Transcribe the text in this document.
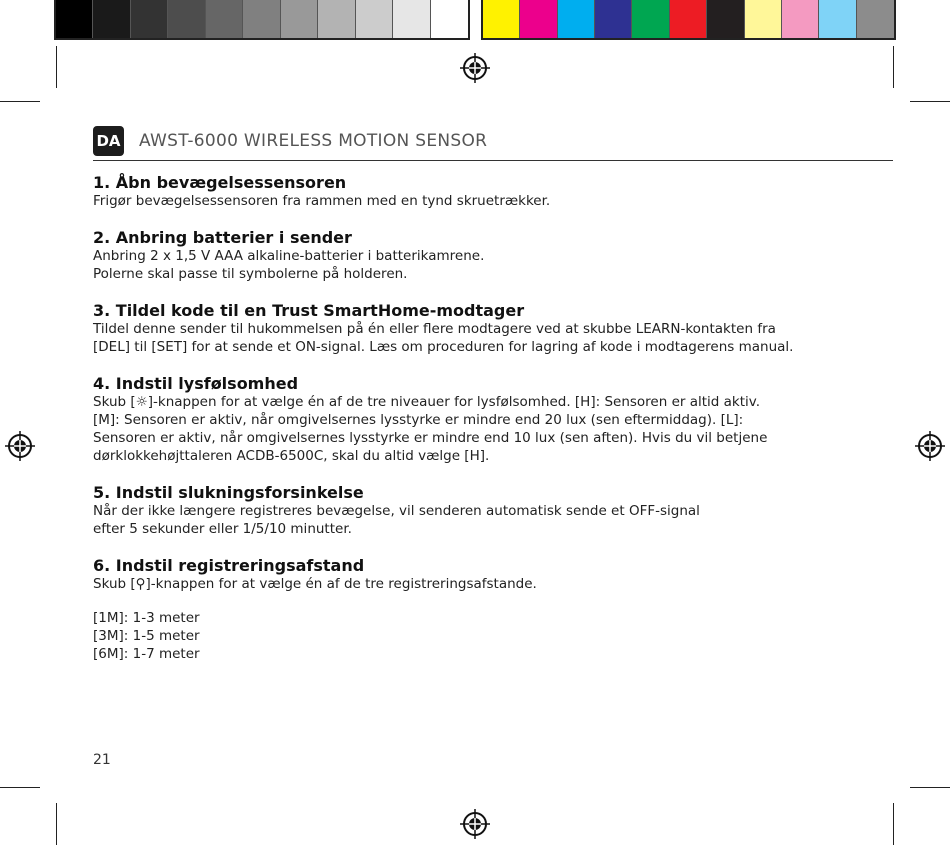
DA AWST-6000 WIRELESS MOTION SENSOR
1. Åbn bevægelsessensoren

Frigør bevægelsessensoren fra rammen med en tynd skruetrækker.

2. Anbring batterier i sender

Anbring 2 x 1,5 V AAA alkaline-batterier i batterikamrene.

Polerne skal passe til symbolerne på holderen.

3. Tildel kode til en Trust SmartHome-modtager

Tildel denne sender til hukommelsen på én eller flere modtagere ved at skubbe LEARN-kontakten fra

[DEL] til [SET] for at sende et ON-signal. Læs om proceduren for lagring af kode i modtagerens manual.

4. Indstil lysfølsomhed

Skub [☼]-knappen for at vælge én af de tre niveauer for lysfølsomhed. [H]: Sensoren er altid aktiv.

[M]: Sensoren er aktiv, når omgivelsernes lysstyrke er mindre end 20 lux (sen eftermiddag). [L]:

Sensoren er aktiv, når omgivelsernes lysstyrke er mindre end 10 lux (sen aften). Hvis du vil betjene

dørklokkehøjttaleren ACDB-6500C, skal du altid vælge [H].

5. Indstil slukningsforsinkelse

Når der ikke længere registreres bevægelse, vil senderen automatisk sende et OFF-signal

efter 5 sekunder eller 1/5/10 minutter.

6. Indstil registreringsafstand

Skub [⚲]-knappen for at vælge én af de tre registreringsafstande.

[1M]: 1-3 meter

[3M]: 1-5 meter

[6M]: 1-7 meter

21
